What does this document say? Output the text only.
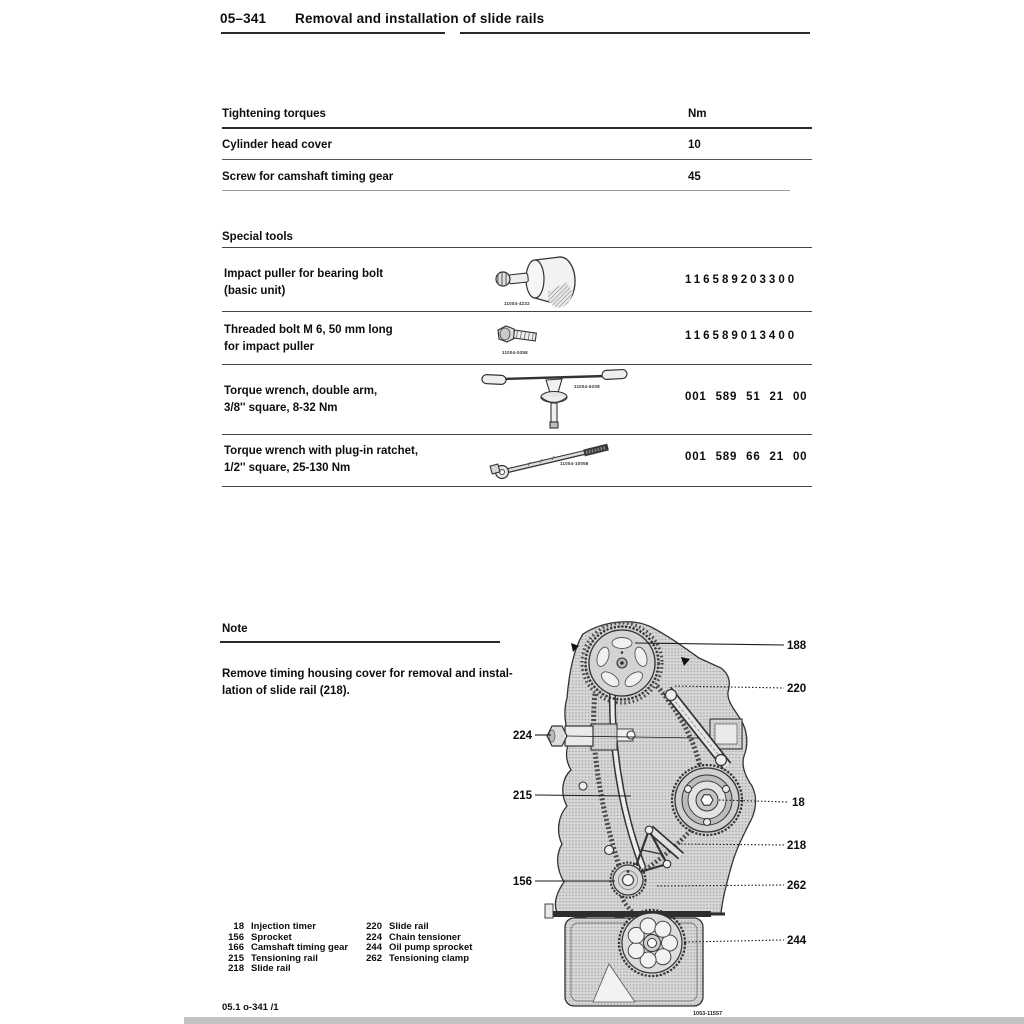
05–341 Removal and installation of slide rails
Tightening torques	Nm
Cylinder head cover	10
Screw for camshaft timing gear	45
Special tools
Impact puller for bearing bolt
(basic unit)
11004-4232
116589203300
Threaded bolt M 6, 50 mm long
for impact puller	11004-5358
116589013400
Torque wrench, double arm,
3/8'' square, 8-32 Nm
11004-6208
001 589 51 21 00
Torque wrench with plug-in ratchet,
1/2'' square, 25-130 Nm	11004-10058
001 589 66 21 00
Note
Remove timing housing cover for removal and instal-
lation of slide rail (218).
188
220
224
215
18
218
156	262
244
1053-11557
18 Injection timer
156 Sprocket
166 Camshaft timing gear
215 Tensioning rail
218 Slide rail
220 Slide rail
224 Chain tensioner
244 Oil pump sprocket
262 Tensioning clamp
05.1 o-341 /1
